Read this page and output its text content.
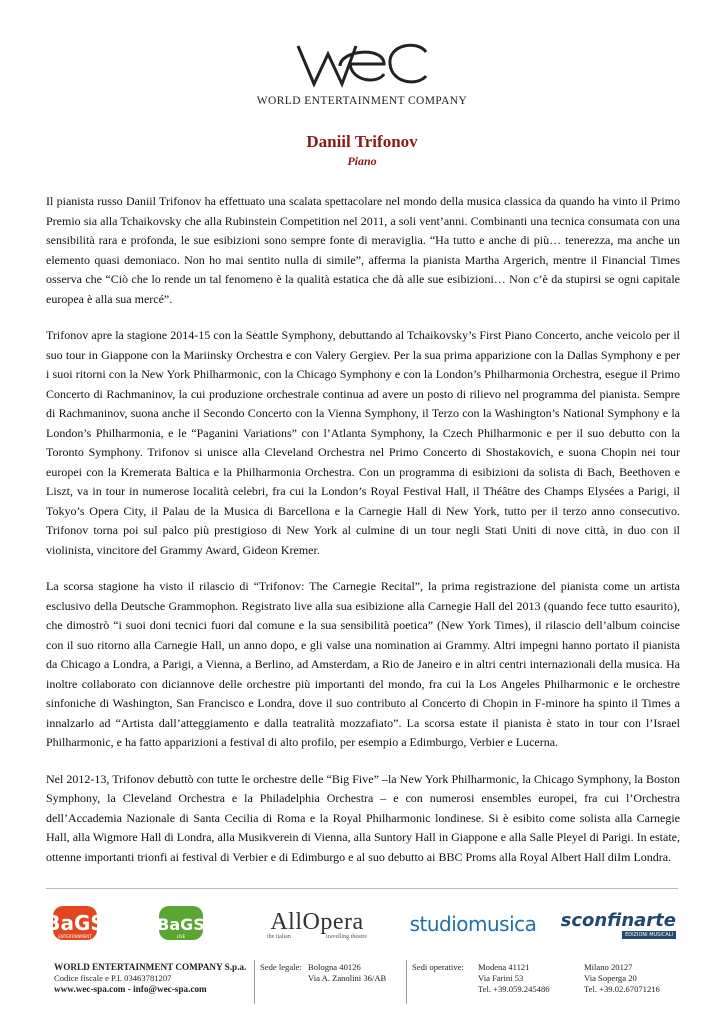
WORLD ENTERTAINMENT COMPANY
Daniil Trifonov
Piano

Il pianista russo Daniil Trifonov ha effettuato una scalata spettacolare nel mondo della musica classica da quando ha vinto il Primo Premio sia alla Tchaikovsky che alla Rubinstein Competition nel 2011, a soli vent’anni. Combinanti una tecnica consumata con una sensibilità rara e profonda, le sue esibizioni sono sempre fonte di meraviglia. “Ha tutto e anche di più… tenerezza, ma anche un elemento quasi demoniaco. Non ho mai sentito nulla di simile”, afferma la pianista Martha Argerich, mentre il Financial Times osserva che “Ciò che lo rende un tal fenomeno è la qualità estatica che dà alle sue esibizioni… Non c’è da stupirsi se ogni capitale europea è alla sua mercé”.

Trifonov apre la stagione 2014-15 con la Seattle Symphony, debuttando al Tchaikovsky’s First Piano Concerto, anche veicolo per il suo tour in Giappone con la Mariinsky Orchestra e con Valery Gergiev. Per la sua prima apparizione con la Dallas Symphony e per i suoi ritorni con la New York Philharmonic, con la Chicago Symphony e con la London’s Philharmonia Orchestra, esegue il Primo Concerto di Rachmaninov, la cui produzione orchestrale continua ad avere un posto di rilievo nel programma del pianista. Sempre di Rachmaninov, suona anche il Secondo Concerto con la Vienna Symphony, il Terzo con la Washington’s National Symphony e la London’s Philharmonia, e le “Paganini Variations” con l’Atlanta Symphony, la Czech Philharmonic e per il suo debutto con la Toronto Symphony. Trifonov si unisce alla Cleveland Orchestra nel Primo Concerto di Shostakovich, e suona Chopin nei tour europei con la Kremerata Baltica e la Philharmonia Orchestra. Con un programma di esibizioni da solista di Bach, Beethoven e Liszt, va in tour in numerose località celebri, fra cui la London’s Royal Festival Hall, il Théâtre des Champs Elysées a Parigi, il Tokyo’s Opera City, il Palau de la Musica di Barcellona e la Carnegie Hall di New York, tutto per il terzo anno consecutivo. Trifonov torna poi sul palco più prestigioso di New York al culmine di un tour negli Stati Uniti di nove città, in duo con il violinista, vincitore del Grammy Award, Gideon Kremer.

La scorsa stagione ha visto il rilascio di “Trifonov: The Carnegie Recital”, la prima registrazione del pianista come un artista esclusivo della Deutsche Grammophon. Registrato live alla sua esibizione alla Carnegie Hall del 2013 (quando fece tutto esaurito), che dimostrò “i suoi doni tecnici fuori dal comune e la sua sensibilità poetica” (New York Times), il rilascio dell’album coincise con il suo ritorno alla Carnegie Hall, un anno dopo, e gli valse una nomination ai Grammy. Altri impegni hanno portato il pianista da Chicago a Londra, a Parigi, a Vienna, a Berlino, ad Amsterdam, a Rio de Janeiro e in altri centri internazionali della musica. Ha inoltre collaborato con diciannove delle orchestre più importanti del mondo, fra cui la Los Angeles Philharmonic e le orchestre sinfoniche di Washington, San Francisco e Londra, dove il suo contributo al Concerto di Chopin in F-minore ha spinto il Times a innalzarlo ad “Artista dall’atteggiamento e dalla teatralità mozzafiato”. La scorsa estate il pianista è stato in tour con l’Israel Philharmonic, e ha fatto apparizioni a festival di alto profilo, per esempio a Edimburgo, Verbier e Lucerna.

Nel 2012-13, Trifonov debuttò con tutte le orchestre delle “Big Five” –la New York Philharmonic, la Chicago Symphony, la Boston Symphony, la Cleveland Orchestra e la Philadelphia Orchestra – e con numerosi ensembles europei, fra cui l’Orchestra dell’Accademia Nazionale di Santa Cecilia di Roma e la Royal Philharmonic londinese. Si è esibito come solista alla Carnegie Hall, alla Wigmore Hall di Londra, alla Musikverein di Vienna, alla Suntory Hall in Giappone e alla Salle Pleyel di Parigi. In estate, ottenne importanti trionfi ai festival di Verbier e di Edimburgo e al suo debutto ai BBC Proms alla Royal Albert Hall diIm Londra.

BaGS
ENTERTAINMENT
BaGS
LIVE
AllOpera
the italian	travelling theatre
studiomusica sconfinarte
EDIZIONI MUSICALI
WORLD ENTERTAINMENT COMPANY S.p.a.
Codice fiscale e P.I. 03463781207
www.wec-spa.com - info@wec-spa.com
Sede legale: Bologna 40126
Via A. Zanolini 36/AB
Sedi operative:	Modena 41121
Via Farini 53
Tel. +39.059.245486
Milano 20127
Via Soperga 20
Tel. +39.02.67071216
